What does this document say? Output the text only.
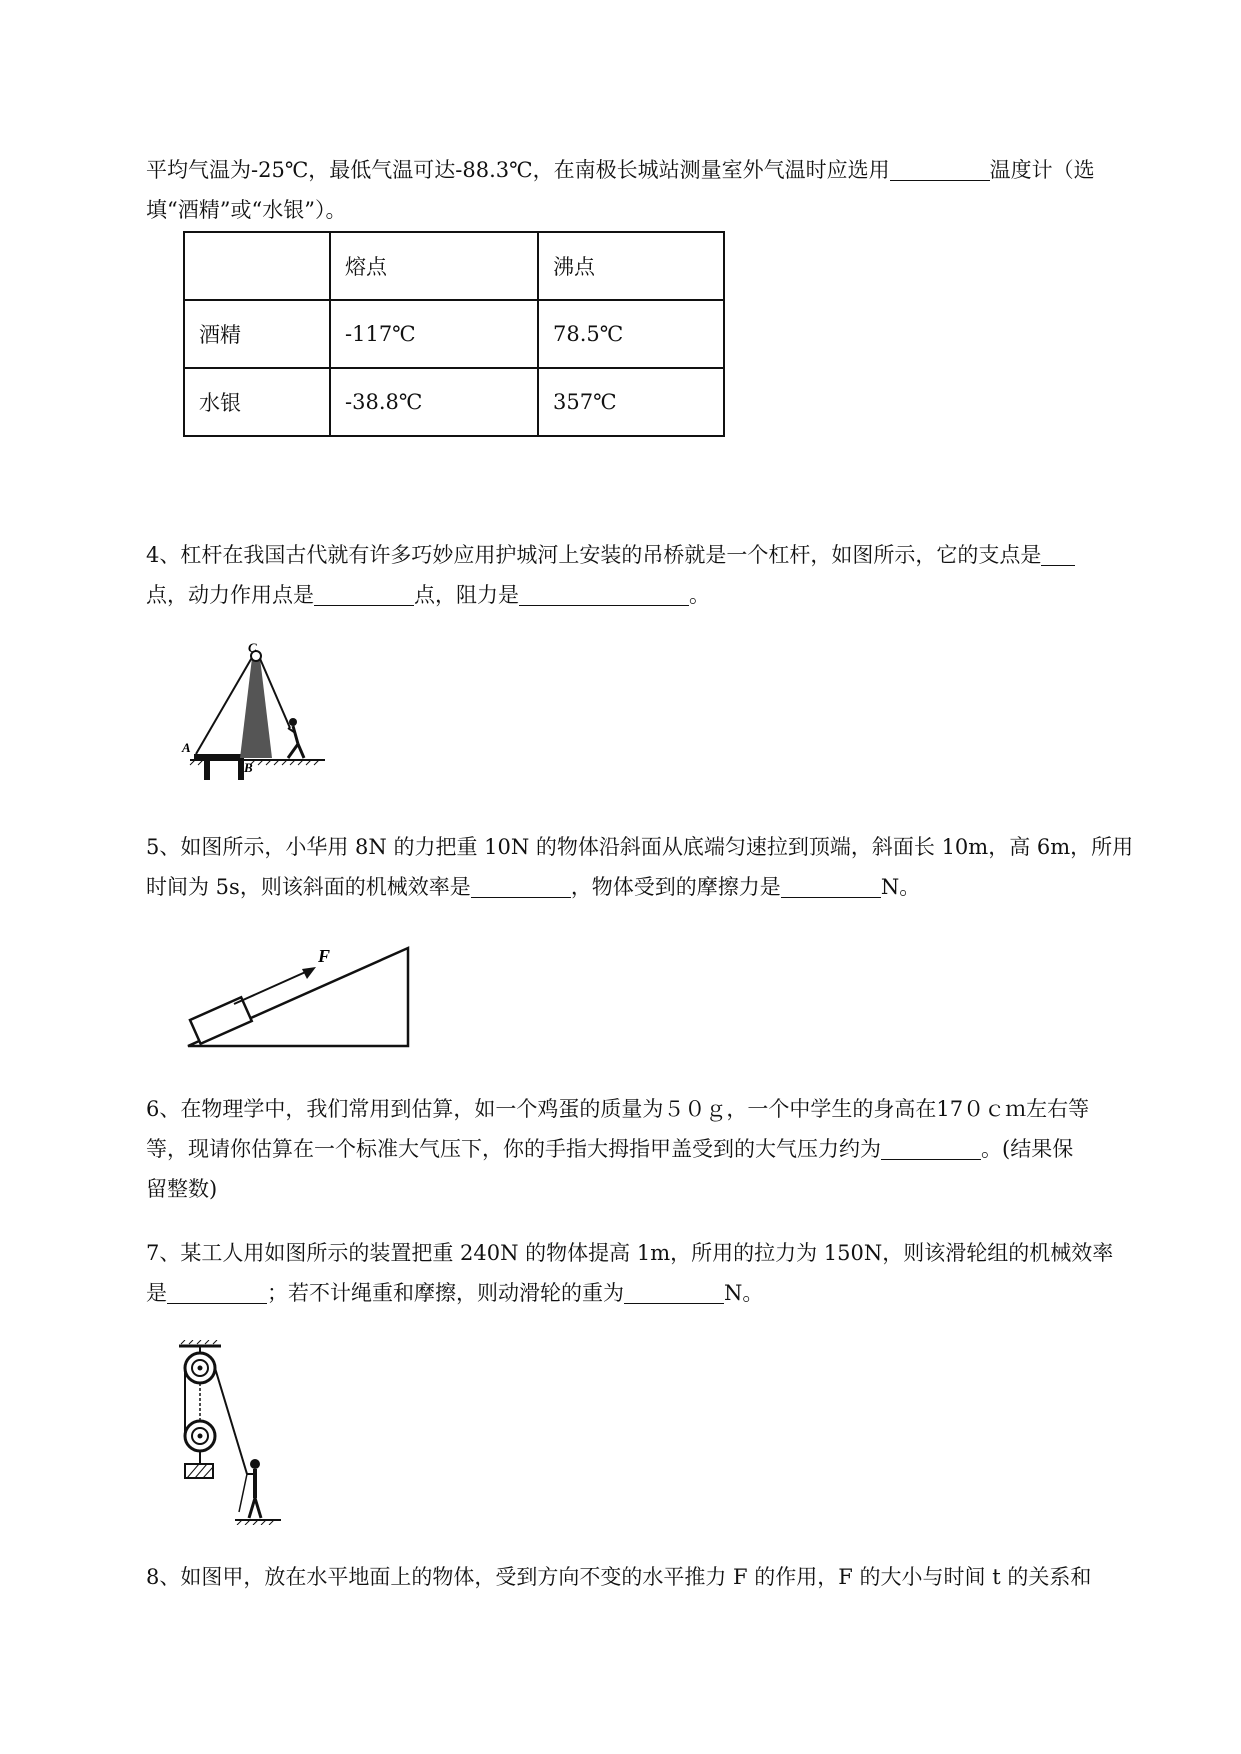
平均气温为-25℃，最低气温可达-88.3℃，在南极长城站测量室外气温时应选用	温度计（选
填“酒精”或“水银”）。
	熔点	沸点
酒精	-117℃	78.5℃
水银	-38.8℃	357℃
4、杠杆在我国古代就有许多巧妙应用护城河上安装的吊桥就是一个杠杆，如图所示，它的支点是
点，动力作用点是	点，阻力是	。
C
A
B
5、如图所示，小华用 8N 的力把重 10N 的物体沿斜面从底端匀速拉到顶端，斜面长 10m，高 6m，所用
时间为 5s，则该斜面的机械效率是	，物体受到的摩擦力是	N。
F
6、在物理学中，我们常用到估算，如一个鸡蛋的质量为５０ｇ，一个中学生的身高在17０ｃｍ左右等
等，现请你估算在一个标准大气压下，你的手指大拇指甲盖受到的大气压力约为	。(结果保
留整数)
7、某工人用如图所示的装置把重 240N 的物体提高 1m，所用的拉力为 150N，则该滑轮组的机械效率
是	；若不计绳重和摩擦，则动滑轮的重为	N。
8、如图甲，放在水平地面上的物体，受到方向不变的水平推力 F 的作用，F 的大小与时间 t 的关系和
